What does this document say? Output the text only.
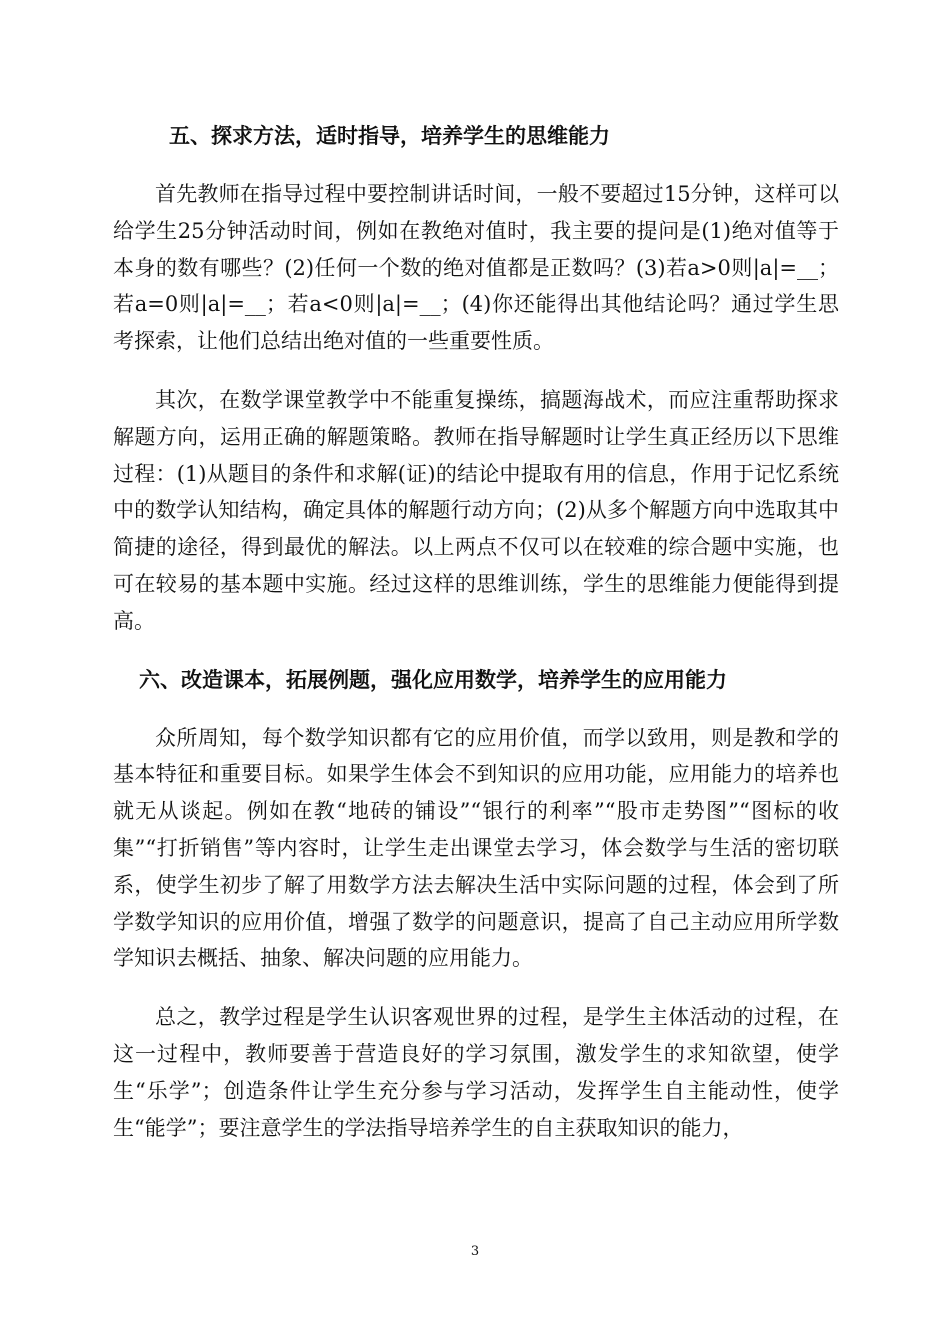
五、探求方法，适时指导，培养学生的思维能力

首先教师在指导过程中要控制讲话时间，一般不要超过15分钟，这样可以给学生25分钟活动时间，例如在教绝对值时，我主要的提问是(1)绝对值等于本身的数有哪些？(2)任何一个数的绝对值都是正数吗？(3)若a>0则|a|=__；若a=0则|a|=__；若a<0则|a|=__；(4)你还能得出其他结论吗？通过学生思考探索，让他们总结出绝对值的一些重要性质。

其次，在数学课堂教学中不能重复操练，搞题海战术，而应注重帮助探求解题方向，运用正确的解题策略。教师在指导解题时让学生真正经历以下思维过程：(1)从题目的条件和求解(证)的结论中提取有用的信息，作用于记忆系统中的数学认知结构，确定具体的解题行动方向；(2)从多个解题方向中选取其中简捷的途径，得到最优的解法。以上两点不仅可以在较难的综合题中实施，也可在较易的基本题中实施。经过这样的思维训练，学生的思维能力便能得到提高。

六、改造课本，拓展例题，强化应用数学，培养学生的应用能力

众所周知，每个数学知识都有它的应用价值，而学以致用，则是教和学的基本特征和重要目标。如果学生体会不到知识的应用功能，应用能力的培养也就无从谈起。例如在教“地砖的铺设”“银行的利率”“股市走势图”“图标的收集”“打折销售”等内容时，让学生走出课堂去学习，体会数学与生活的密切联系，使学生初步了解了用数学方法去解决生活中实际问题的过程，体会到了所学数学知识的应用价值，增强了数学的问题意识，提高了自己主动应用所学数学知识去概括、抽象、解决问题的应用能力。

总之，教学过程是学生认识客观世界的过程，是学生主体活动的过程，在这一过程中，教师要善于营造良好的学习氛围，激发学生的求知欲望，使学生“乐学”；创造条件让学生充分参与学习活动，发挥学生自主能动性，使学生“能学”；要注意学生的学法指导培养学生的自主获取知识的能力，

3
